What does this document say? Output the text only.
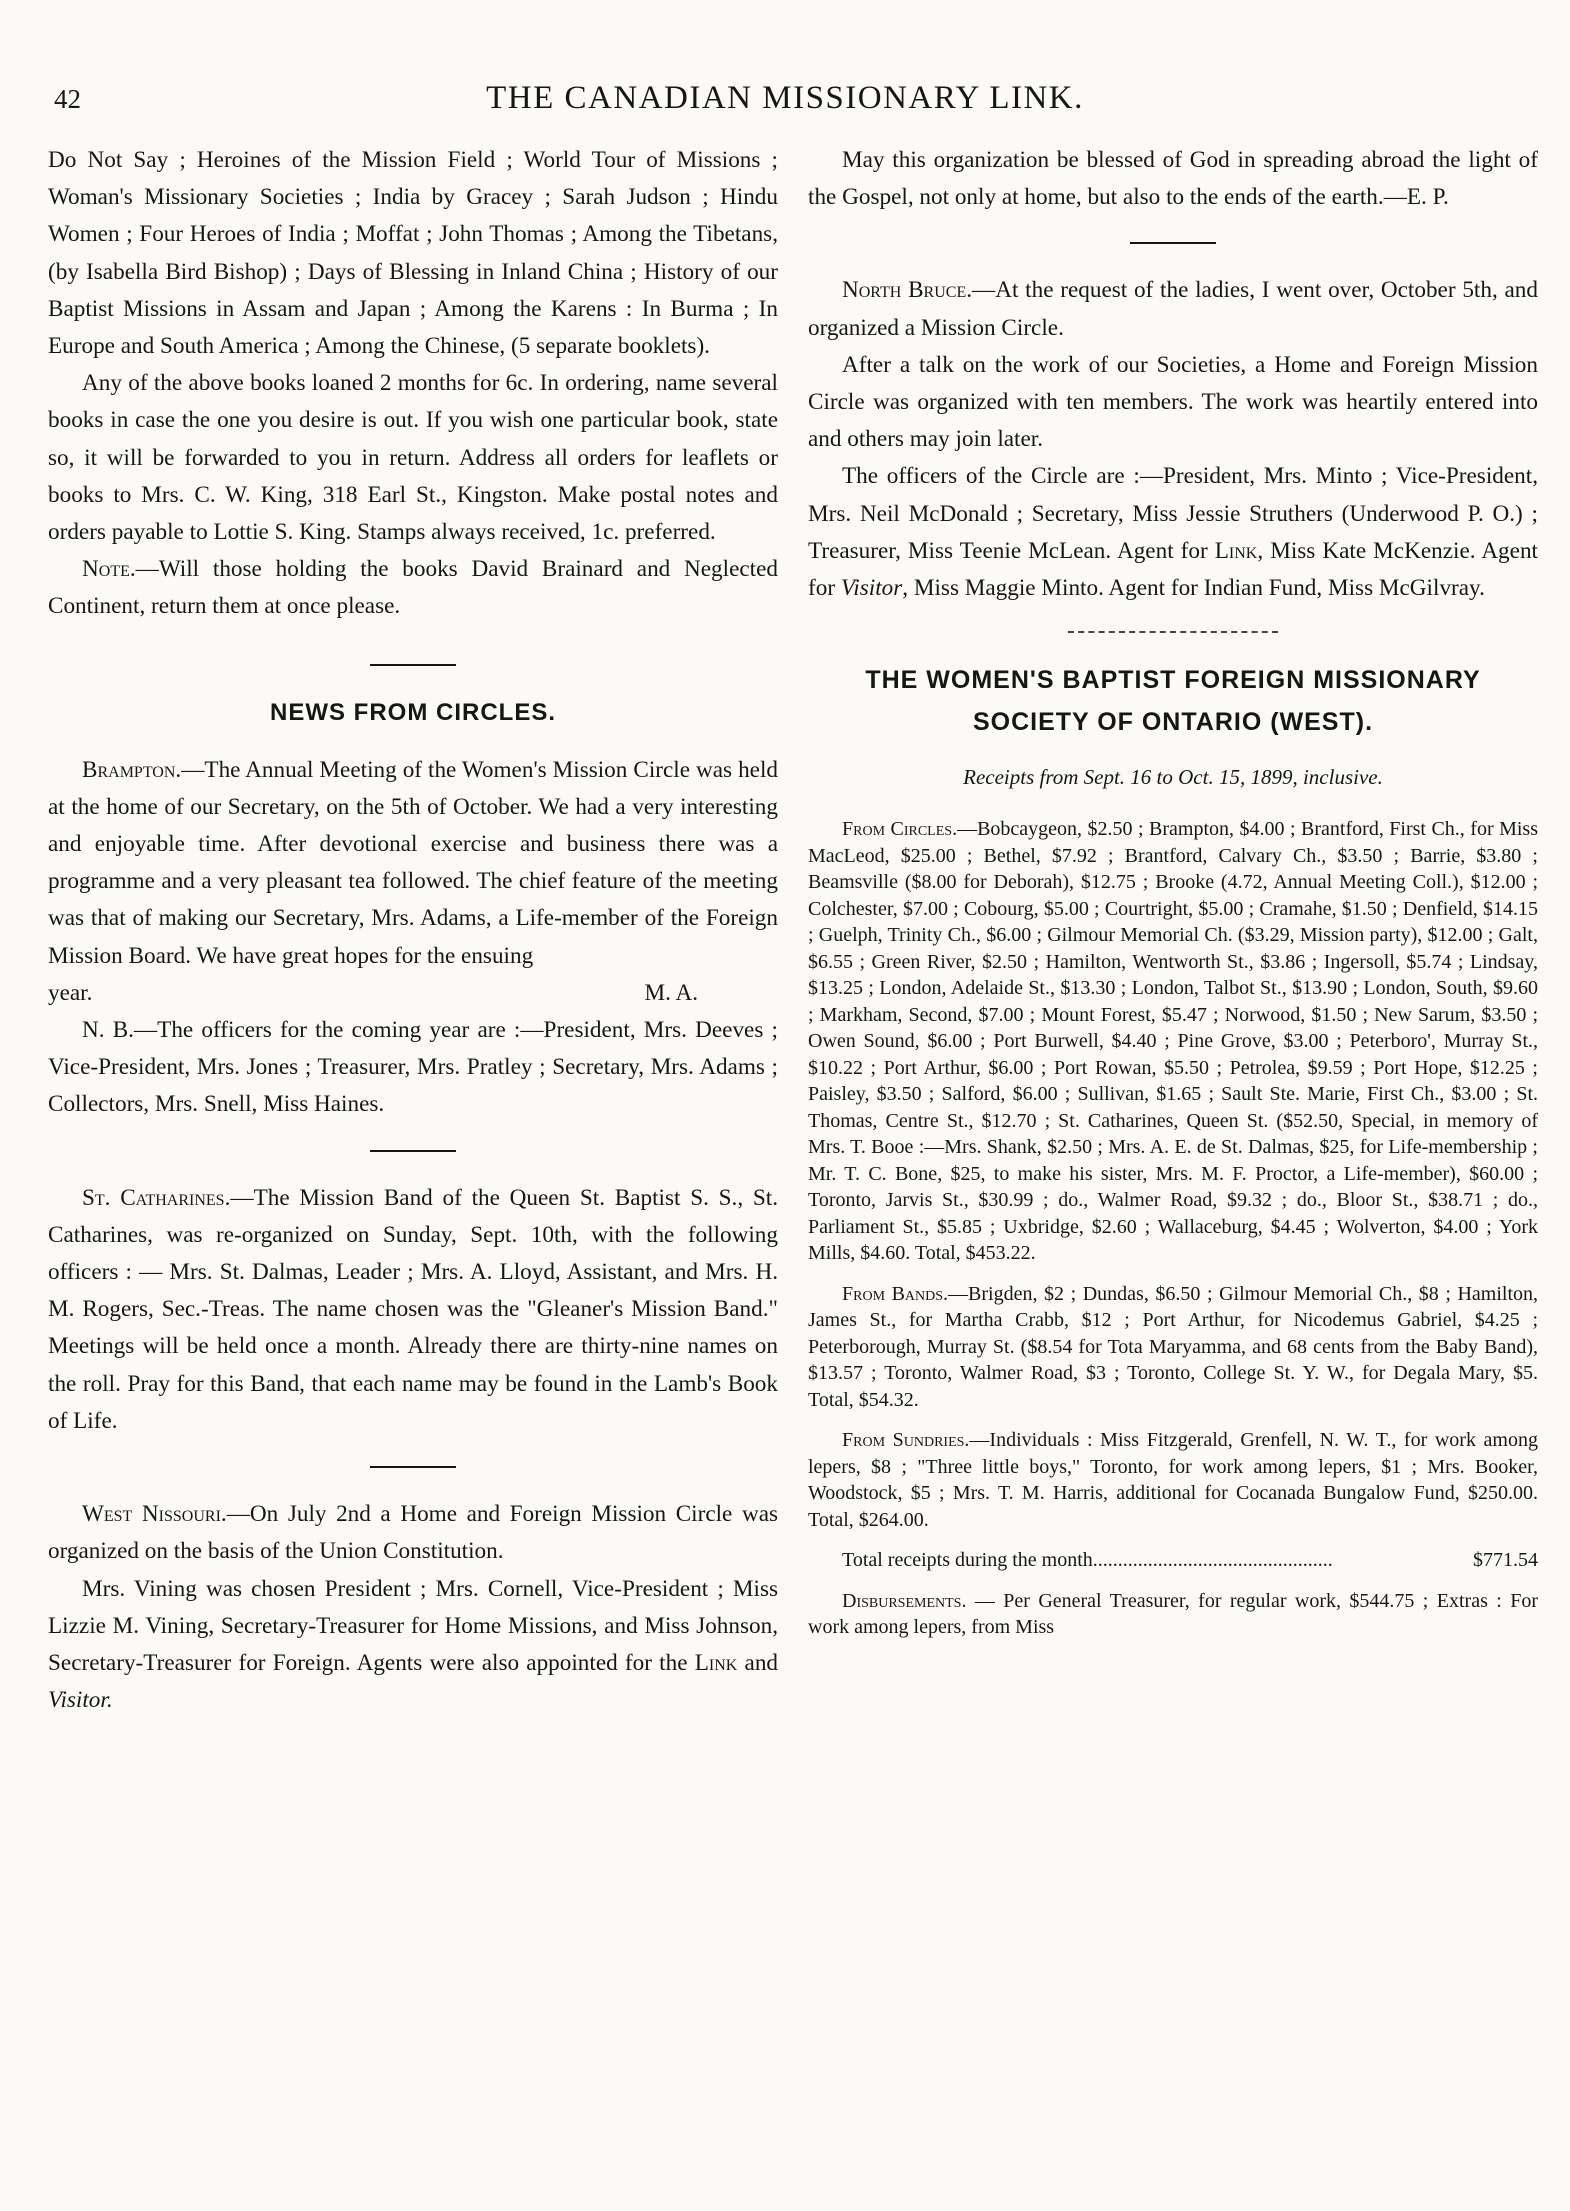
42	THE CANADIAN MISSIONARY LINK.

Do Not Say ; Heroines of the Mission Field ; World Tour of Missions ; Woman's Missionary Societies ; India by Gracey ; Sarah Judson ; Hindu Women ; Four Heroes of India ; Moffat ; John Thomas ; Among the Tibetans, (by Isabella Bird Bishop) ; Days of Blessing in Inland China ; History of our Baptist Missions in Assam and Japan ; Among the Karens : In Burma ; In Europe and South America ; Among the Chinese, (5 separate booklets).

Any of the above books loaned 2 months for 6c. In ordering, name several books in case the one you desire is out. If you wish one particular book, state so, it will be forwarded to you in return. Address all orders for leaflets or books to Mrs. C. W. King, 318 Earl St., Kingston. Make postal notes and orders payable to Lottie S. King. Stamps always received, 1c. preferred.

Note.—Will those holding the books David Brainard and Neglected Continent, return them at once please.

NEWS FROM CIRCLES.

Brampton.—The Annual Meeting of the Women's Mission Circle was held at the home of our Secretary, on the 5th of October. We had a very interesting and enjoyable time. After devotional exercise and business there was a programme and a very pleasant tea followed. The chief feature of the meeting was that of making our Secretary, Mrs. Adams, a Life-member of the Foreign Mission Board. We have great hopes for the ensuing

year.	M. A.

N. B.—The officers for the coming year are :—President, Mrs. Deeves ; Vice-President, Mrs. Jones ; Treasurer, Mrs. Pratley ; Secretary, Mrs. Adams ; Collectors, Mrs. Snell, Miss Haines.

St. Catharines.—The Mission Band of the Queen St. Baptist S. S., St. Catharines, was re-organized on Sunday, Sept. 10th, with the following officers : — Mrs. St. Dalmas, Leader ; Mrs. A. Lloyd, Assistant, and Mrs. H. M. Rogers, Sec.-Treas. The name chosen was the "Gleaner's Mission Band." Meetings will be held once a month. Already there are thirty-nine names on the roll. Pray for this Band, that each name may be found in the Lamb's Book of Life.

West Nissouri.—On July 2nd a Home and Foreign Mission Circle was organized on the basis of the Union Constitution.

Mrs. Vining was chosen President ; Mrs. Cornell, Vice-President ; Miss Lizzie M. Vining, Secretary-Treasurer for Home Missions, and Miss Johnson, Secretary-Treasurer for Foreign. Agents were also appointed for the Link and Visitor.

May this organization be blessed of God in spreading abroad the light of the Gospel, not only at home, but also to the ends of the earth.—E. P.

North Bruce.—At the request of the ladies, I went over, October 5th, and organized a Mission Circle.

After a talk on the work of our Societies, a Home and Foreign Mission Circle was organized with ten members. The work was heartily entered into and others may join later.

The officers of the Circle are :—President, Mrs. Minto ; Vice-President, Mrs. Neil McDonald ; Secretary, Miss Jessie Struthers (Underwood P. O.) ; Treasurer, Miss Teenie McLean. Agent for Link, Miss Kate McKenzie. Agent for Visitor, Miss Maggie Minto. Agent for Indian Fund, Miss McGilvray.

THE WOMEN'S BAPTIST FOREIGN MISSIONARY
SOCIETY OF ONTARIO (WEST).
Receipts from Sept. 16 to Oct. 15, 1899, inclusive.

From Circles.—Bobcaygeon, $2.50 ; Brampton, $4.00 ; Brantford, First Ch., for Miss MacLeod, $25.00 ; Bethel, $7.92 ; Brantford, Calvary Ch., $3.50 ; Barrie, $3.80 ; Beamsville ($8.00 for Deborah), $12.75 ; Brooke (4.72, Annual Meeting Coll.), $12.00 ; Colchester, $7.00 ; Cobourg, $5.00 ; Courtright, $5.00 ; Cramahe, $1.50 ; Denfield, $14.15 ; Guelph, Trinity Ch., $6.00 ; Gilmour Memorial Ch. ($3.29, Mission party), $12.00 ; Galt, $6.55 ; Green River, $2.50 ; Hamilton, Wentworth St., $3.86 ; Ingersoll, $5.74 ; Lindsay, $13.25 ; London, Adelaide St., $13.30 ; London, Talbot St., $13.90 ; London, South, $9.60 ; Markham, Second, $7.00 ; Mount Forest, $5.47 ; Norwood, $1.50 ; New Sarum, $3.50 ; Owen Sound, $6.00 ; Port Burwell, $4.40 ; Pine Grove, $3.00 ; Peterboro', Murray St., $10.22 ; Port Arthur, $6.00 ; Port Rowan, $5.50 ; Petrolea, $9.59 ; Port Hope, $12.25 ; Paisley, $3.50 ; Salford, $6.00 ; Sullivan, $1.65 ; Sault Ste. Marie, First Ch., $3.00 ; St. Thomas, Centre St., $12.70 ; St. Catharines, Queen St. ($52.50, Special, in memory of Mrs. T. Booe :—Mrs. Shank, $2.50 ; Mrs. A. E. de St. Dalmas, $25, for Life-membership ; Mr. T. C. Bone, $25, to make his sister, Mrs. M. F. Proctor, a Life-member), $60.00 ; Toronto, Jarvis St., $30.99 ; do., Walmer Road, $9.32 ; do., Bloor St., $38.71 ; do., Parliament St., $5.85 ; Uxbridge, $2.60 ; Wallaceburg, $4.45 ; Wolverton, $4.00 ; York Mills, $4.60. Total, $453.22.

From Bands.—Brigden, $2 ; Dundas, $6.50 ; Gilmour Memorial Ch., $8 ; Hamilton, James St., for Martha Crabb, $12 ; Port Arthur, for Nicodemus Gabriel, $4.25 ; Peterborough, Murray St. ($8.54 for Tota Maryamma, and 68 cents from the Baby Band), $13.57 ; Toronto, Walmer Road, $3 ; Toronto, College St. Y. W., for Degala Mary, $5. Total, $54.32.

From Sundries.—Individuals : Miss Fitzgerald, Grenfell, N. W. T., for work among lepers, $8 ; "Three little boys," Toronto, for work among lepers, $1 ; Mrs. Booker, Woodstock, $5 ; Mrs. T. M. Harris, additional for Cocanada Bungalow Fund, $250.00. Total, $264.00.

Total receipts during the month ................................................	$771.54

Disbursements. — Per General Treasurer, for regular work, $544.75 ; Extras : For work among lepers, from Miss
